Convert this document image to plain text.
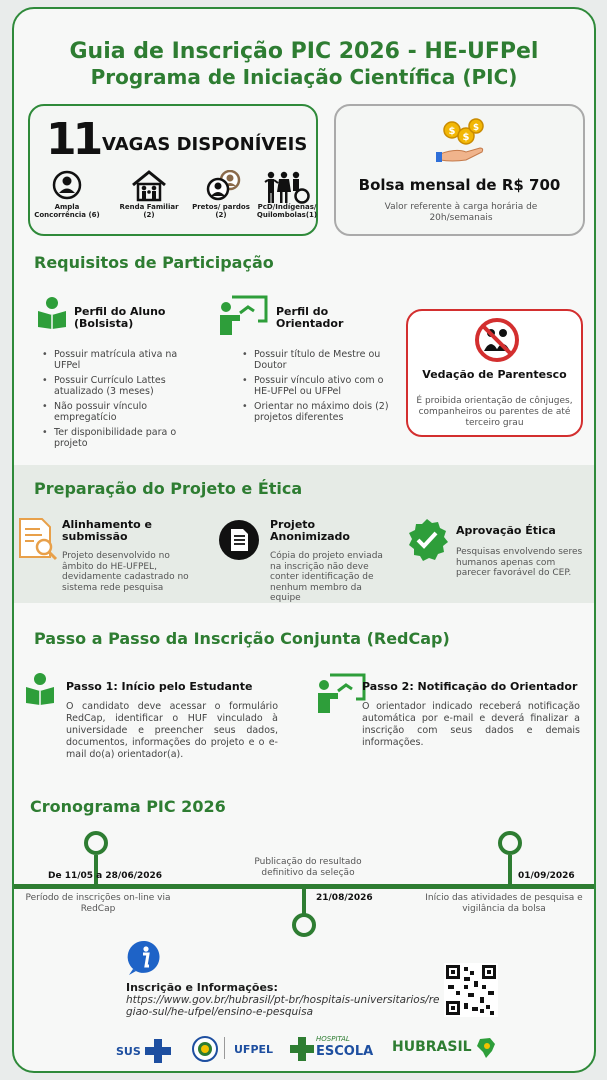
Guia de Inscrição PIC 2026 - HE-UFPel
Programa de Iniciação Científica (PIC)
11 VAGAS DISPONÍVEIS
Ampla Concorrência (6)
Renda Familiar (2)
Pretos/ pardos (2)
PcD/Indígenas/ Quilombolas(1)
$
$
$
Bolsa mensal de R$ 700
Valor referente à carga horária de 20h/semanais
Requisitos de Participação
Perfil do Aluno (Bolsista)
• Possuir matrícula ativa na UFPel
• Possuir Currículo Lattes atualizado (3 meses)
• Não possuir vínculo empregatício
• Ter disponibilidade para o projeto
Perfil do Orientador
• Possuir título de Mestre ou Doutor
• Possuir vínculo ativo com o HE-UFPel ou UFPel
• Orientar no máximo dois (2) projetos diferentes
Vedação de Parentesco
É proibida orientação de cônjuges, companheiros ou parentes de até terceiro grau
Preparação do Projeto e Ética
Alinhamento e submissão
Projeto desenvolvido no âmbito do HE-UFPEL, devidamente cadastrado no sistema rede pesquisa
Projeto Anonimizado
Cópia do projeto enviada na inscrição não deve conter identificação de nenhum membro da equipe
Aprovação Ética
Pesquisas envolvendo seres humanos apenas com parecer favorável do CEP.
Passo a Passo da Inscrição Conjunta (RedCap)
Passo 1: Início pelo Estudante
O candidato deve acessar o formulário RedCap, identificar o HUF vinculado à universidade e preencher seus dados, documentos, informações do projeto e o e-mail do(a) orientador(a).
Passo 2: Notificação do Orientador
O orientador indicado receberá notificação automática por e-mail e deverá finalizar a inscrição com seus dados e demais informações.
Cronograma PIC 2026
De 11/05 a 28/06/2026
Período de inscrições on-line via RedCap
Publicação do resultado definitivo da seleção
21/08/2026
01/09/2026
Início das atividades de pesquisa e vigilância da bolsa
Inscrição e Informações:
https://www.gov.br/hubrasil/pt-br/hospitais-universitarios/regiao-sul/he-ufpel/ensino-e-pesquisa
SUS	UFPEL
HOSPITAL
ESCOLA HUBRASIL
